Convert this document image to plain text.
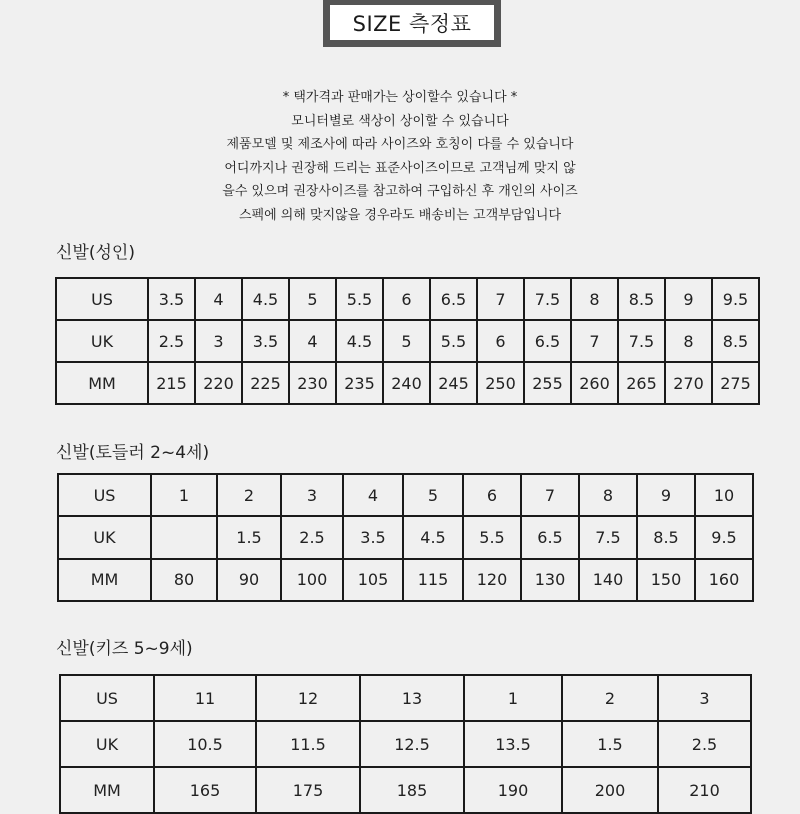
SIZE 측정표
* 택가격과 판매가는 상이할수 있습니다 *
모니터별로 색상이 상이할 수 있습니다
제품모델 및 제조사에 따라 사이즈와 호칭이 다를 수 있습니다
어디까지나 권장해 드리는 표준사이즈이므로 고객님께 맞지 않
을수 있으며 권장사이즈를 참고하여 구입하신 후 개인의 사이즈
스펙에 의해 맞지않을 경우라도 배송비는 고객부담입니다
신발(성인)
US	3.5	4	4.5	5	5.5	6	6.5	7	7.5	8	8.5	9	9.5
UK	2.5	3	3.5	4	4.5	5	5.5	6	6.5	7	7.5	8	8.5
MM	215	220	225	230	235	240	245	250	255	260	265	270	275
신발(토들러 2~4세)
US	1	2	3	4	5	6	7	8	9	10
UK		1.5	2.5	3.5	4.5	5.5	6.5	7.5	8.5	9.5
MM	80	90	100	105	115	120	130	140	150	160
신발(키즈 5~9세)
US	11	12	13	1	2	3
UK	10.5	11.5	12.5	13.5	1.5	2.5
MM	165	175	185	190	200	210
